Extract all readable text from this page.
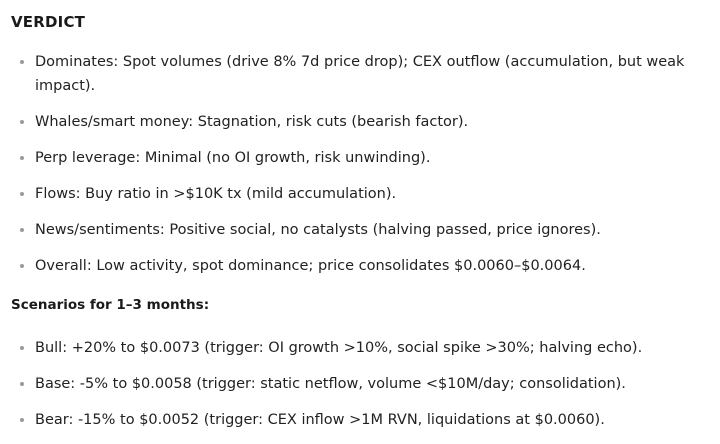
VERDICT
Dominates: Spot volumes (drive 8% 7d price drop); CEX outflow (accumulation, but weak impact).
Whales/smart money: Stagnation, risk cuts (bearish factor).
Perp leverage: Minimal (no OI growth, risk unwinding).
Flows: Buy ratio in >$10K tx (mild accumulation).
News/sentiments: Positive social, no catalysts (halving passed, price ignores).
Overall: Low activity, spot dominance; price consolidates $0.0060–$0.0064.
Scenarios for 1–3 months:
Bull: +20% to $0.0073 (trigger: OI growth >10%, social spike >30%; halving echo).
Base: -5% to $0.0058 (trigger: static netflow, volume <$10M/day; consolidation).
Bear: -15% to $0.0052 (trigger: CEX inflow >1M RVN, liquidations at $0.0060).
